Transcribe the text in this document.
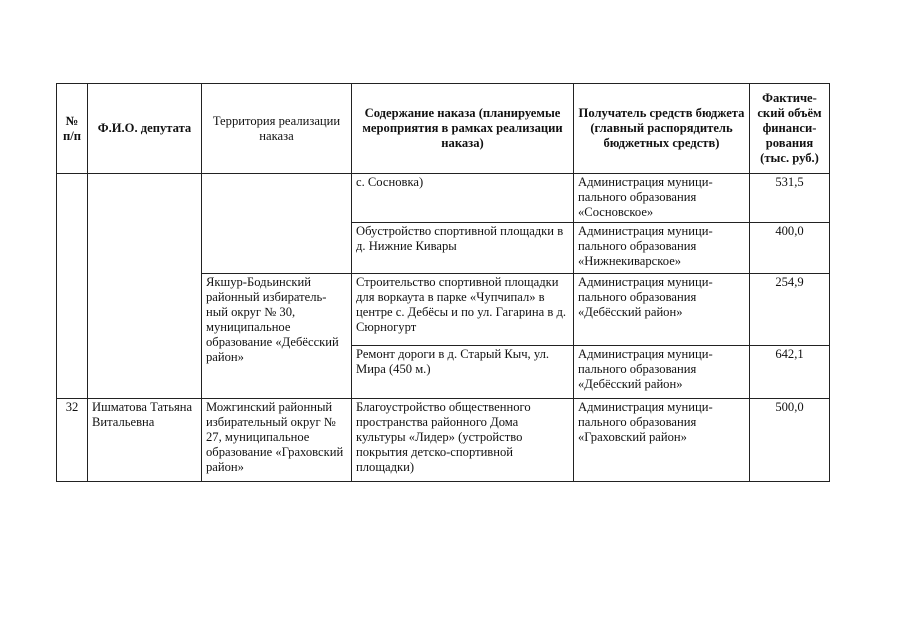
№ п/п	Ф.И.О. депутата	Территория реализации наказа	Содержание наказа (планируемые мероприятия в рамках реализации наказа)	Получатель средств бюджета (главный распорядитель бюджетных средств)	Фактиче-ский объём финанси-рования (тыс. руб.)
			с. Сосновка)	Администрация муници-пального образования «Сосновское»	531,5
			Обустройство спортивной площадки в д. Нижние Кивары	Администрация муници-пального образования «Нижнекиварское»	400,0
		Якшур-Бодьинский районный избиратель-ный округ № 30, муниципальное образование «Дебёсский район»	Строительство спортивной площадки для воркаута в парке «Чупчипал» в центре с. Дебёсы и по ул. Гагарина в д. Сюрногурт	Администрация муници-пального образования «Дебёсский район»	254,9
			Ремонт дороги в д. Старый Кыч, ул. Мира (450 м.)	Администрация муници-пального образования «Дебёсский район»	642,1
32	Ишматова Татьяна Витальевна	Можгинский районный избирательный округ № 27, муниципальное образование «Граховский район»	Благоустройство общественного пространства районного Дома культуры «Лидер» (устройство покрытия детско-спортивной площадки)	Администрация муници-пального образования «Граховский район»	500,0
